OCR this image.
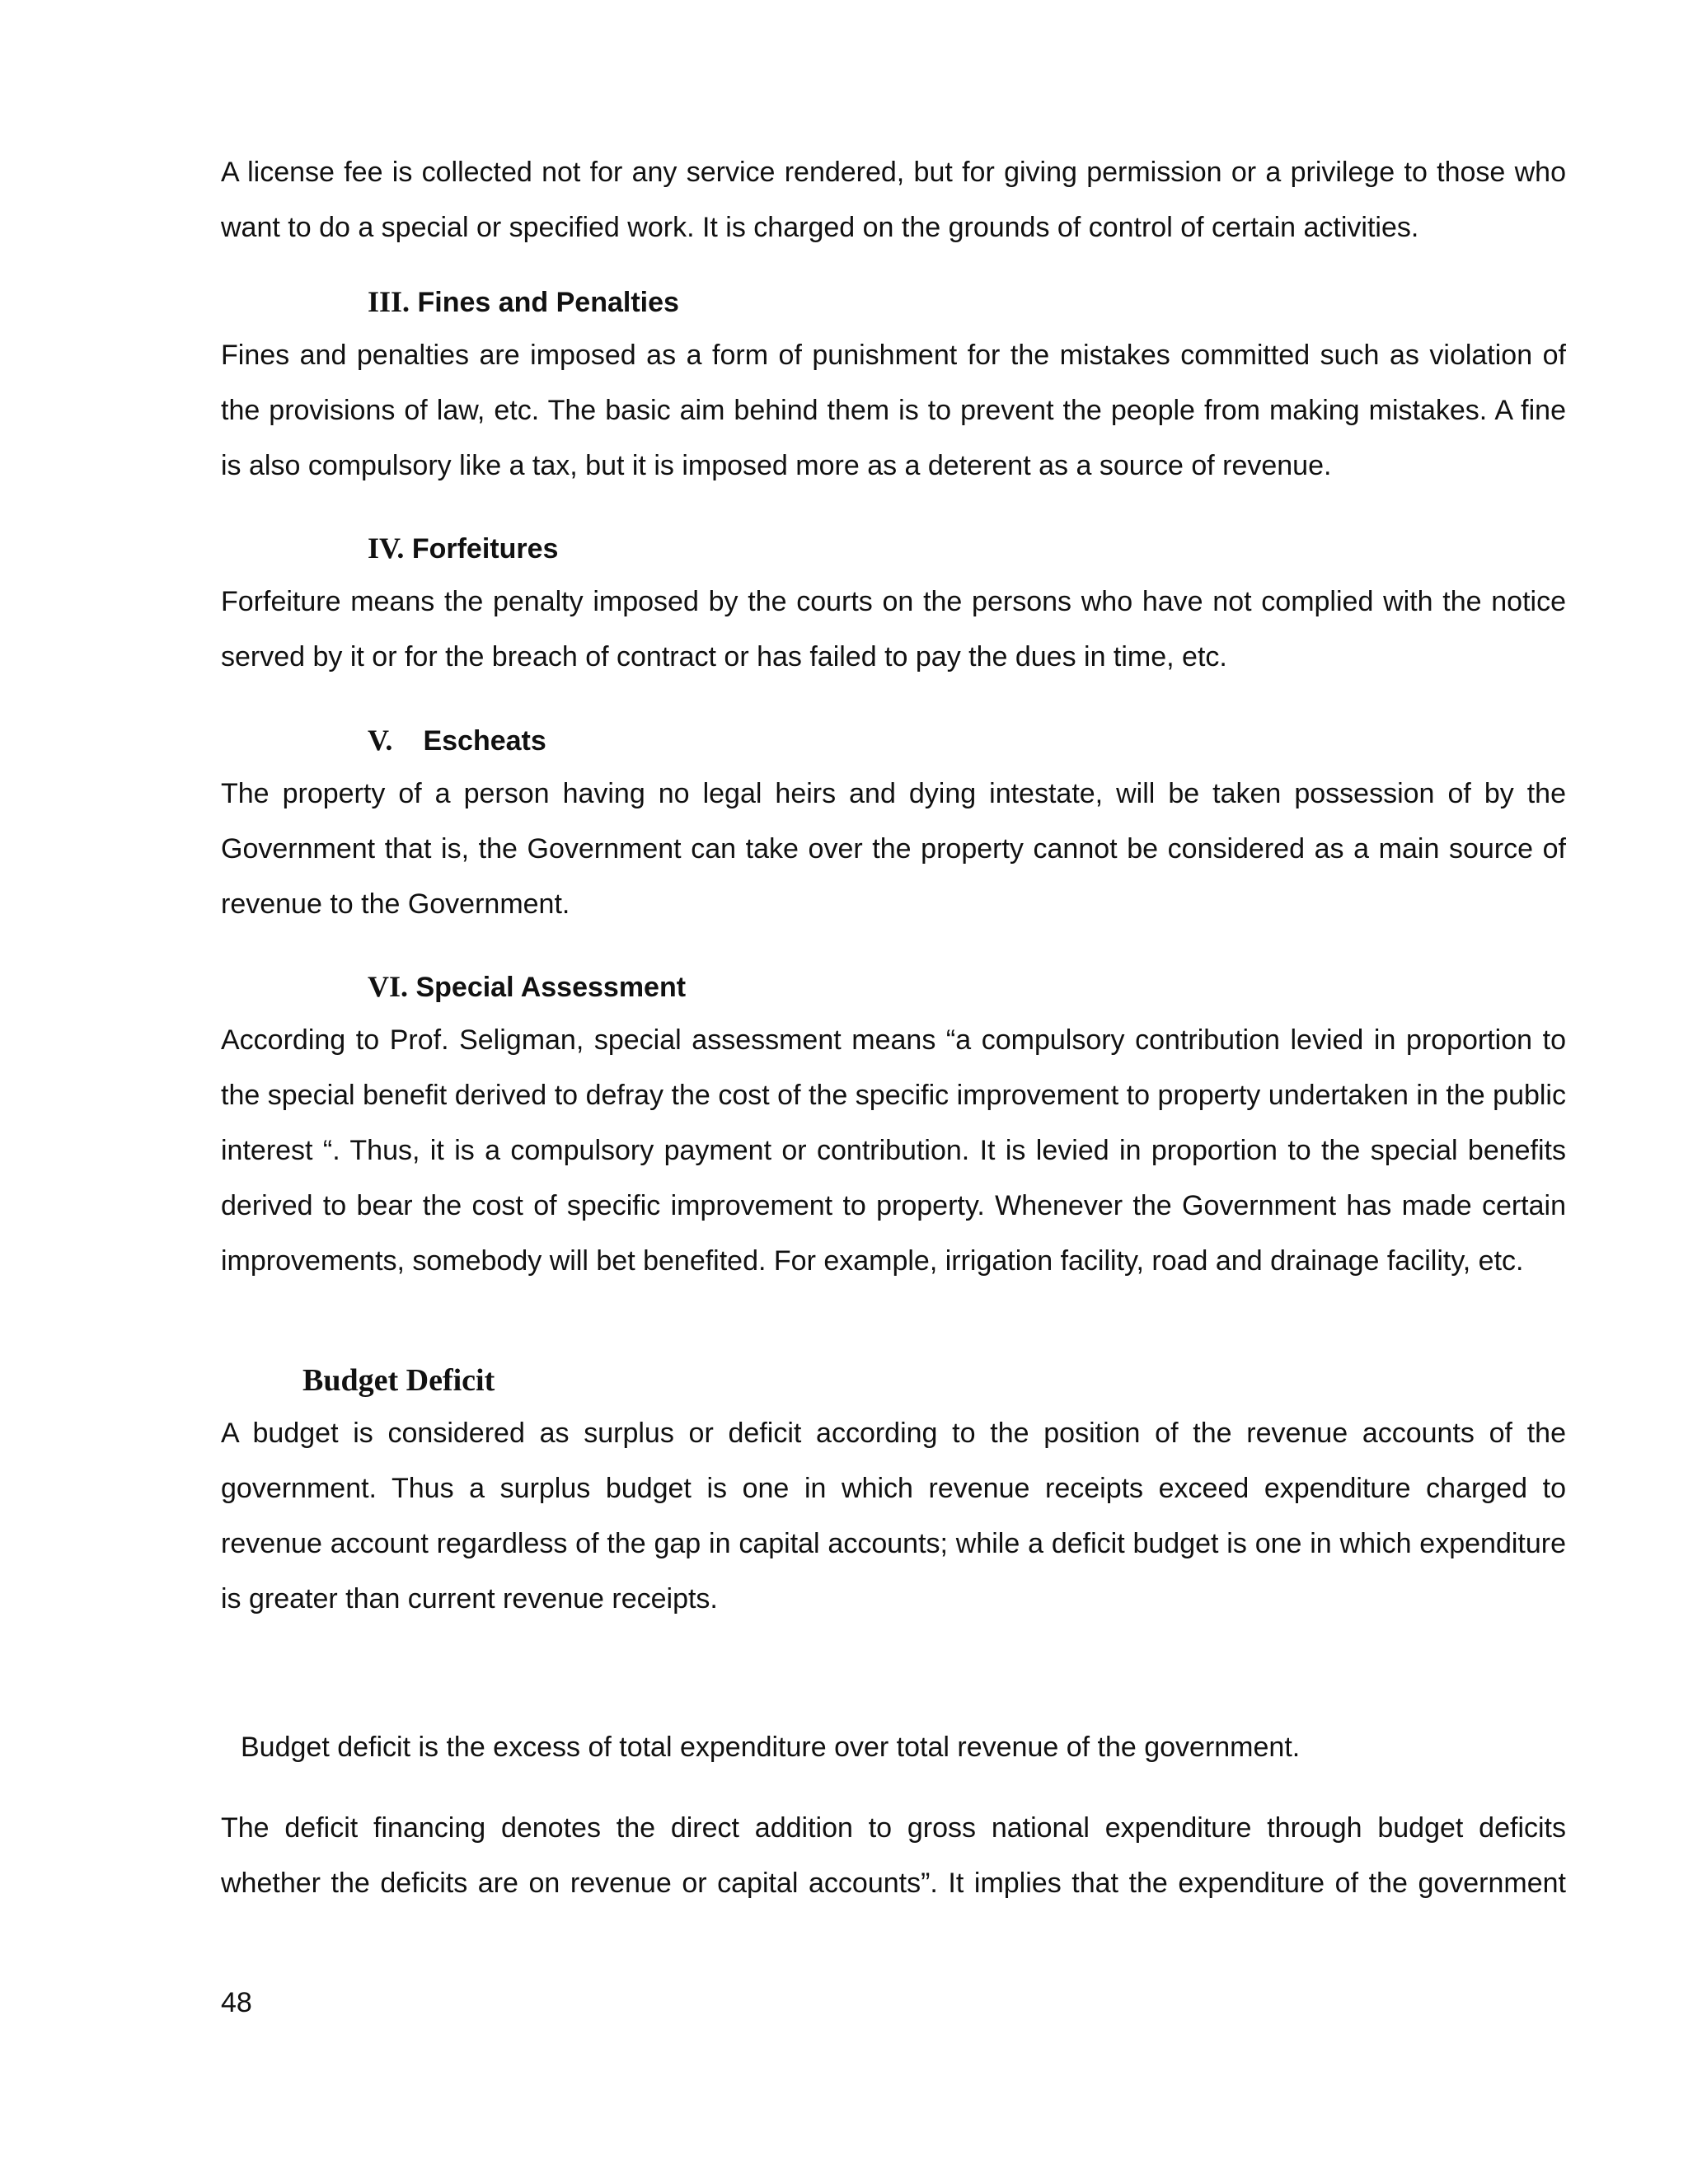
A license fee is collected not for any service rendered, but for giving permission or a privilege to those who want to do a special or specified work. It is charged on the grounds of control of certain activities.

III. Fines and Penalties

Fines and penalties are imposed as a form of punishment for the mistakes committed such as violation of the provisions of law, etc. The basic aim behind them is to prevent the people from making mistakes. A fine is also compulsory like a tax, but it is imposed more as a deterent as a source of revenue.

IV. Forfeitures

Forfeiture means the penalty imposed by the courts on the persons who have not complied with the notice served by it or for the breach of contract or has failed to pay the dues in time, etc.

V. Escheats

The property of a person having no legal heirs and dying intestate, will be taken possession of by the Government that is, the Government can take over the property cannot be considered as a main source of revenue to the Government.

VI. Special Assessment

According to Prof. Seligman, special assessment means “a compulsory contribution levied in proportion to the special benefit derived to defray the cost of the specific improvement to property undertaken in the public interest “. Thus, it is a compulsory payment or contribution. It is levied in proportion to the special benefits derived to bear the cost of specific improvement to property. Whenever the Government has made certain improvements, somebody will bet benefited. For example, irrigation facility, road and drainage facility, etc.

Budget Deficit

A budget is considered as surplus or deficit according to the position of the revenue accounts of the government. Thus a surplus budget is one in which revenue receipts exceed expenditure charged to revenue account regardless of the gap in capital accounts; while a deficit budget is one in which expenditure is greater than current revenue receipts.

Budget deficit is the excess of total expenditure over total revenue of the government.

The deficit financing denotes the direct addition to gross national expenditure through budget deficits whether the deficits are on revenue or capital accounts”. It implies that the expenditure of the government

48
